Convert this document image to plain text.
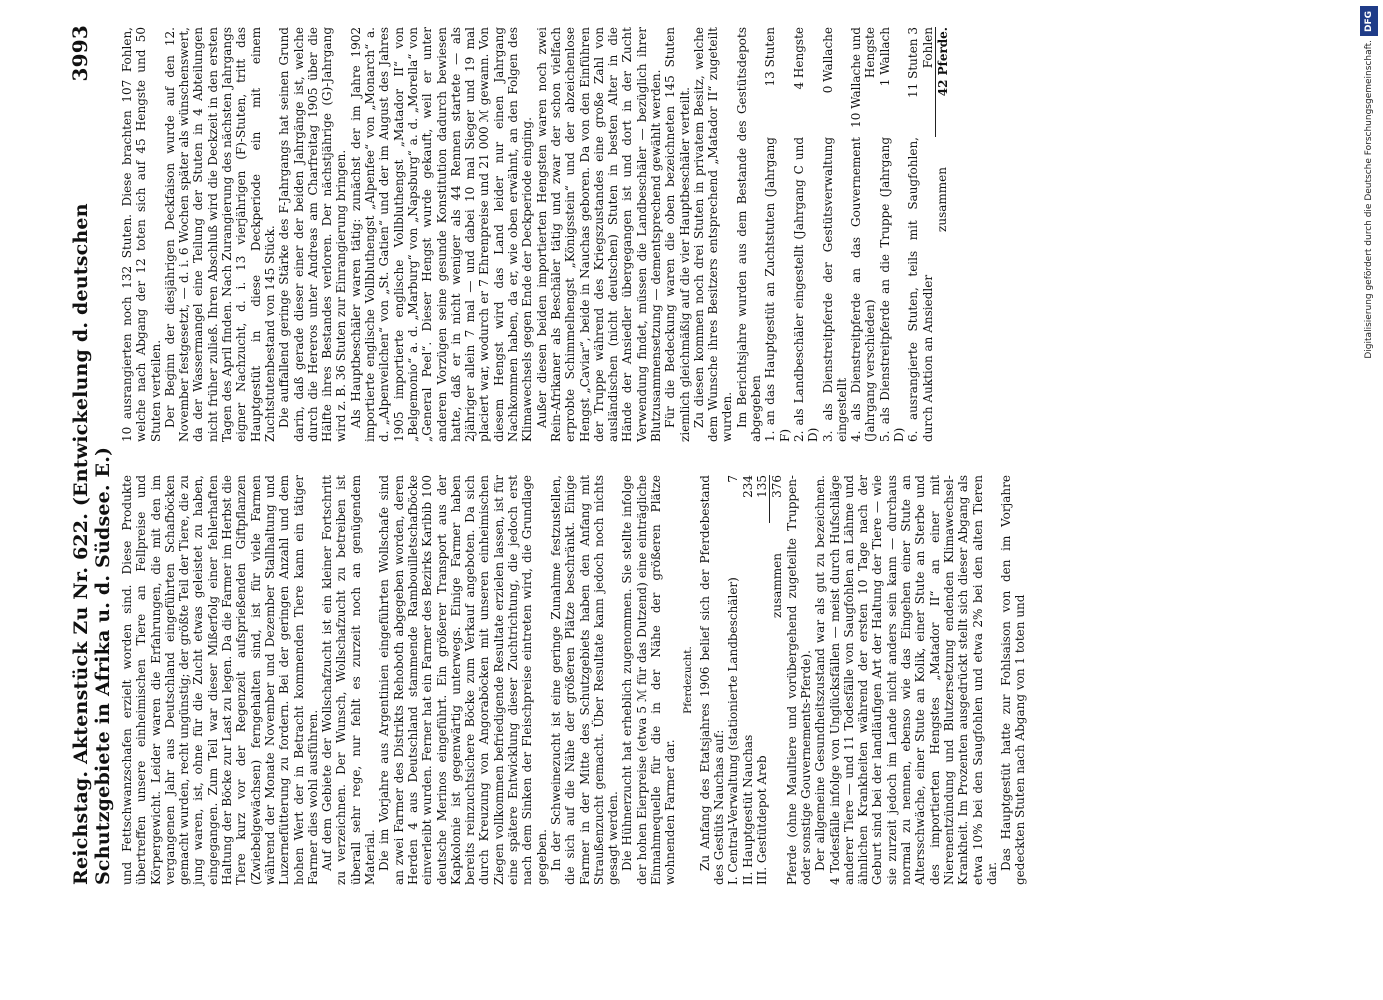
Reichstag. Aktenstück Zu Nr. 622. (Entwickelung d. deutschen Schutzgebiete in Afrika u. d. Südsee. E.)
3993

und Fettschwanzschafen erzielt worden sind. Diese Produkte übertreffen unsere einheimischen Tiere an Fellpreise und Körpergewicht. Leider waren die Erfahrungen, die mit den im vergangenen Jahr aus Deutschland eingeführten Schafböcken gemacht wurden, recht ungünstig; der größte Teil der Tiere, die zu jung waren, ist, ohne für die Zucht etwas geleistet zu haben, eingegangen. Zum Teil war dieser Mißerfolg einer fehlerhaften Haltung der Böcke zur Last zu legen. Da die Farmer im Herbst die Tiere kurz vor der Regenzeit aufsprießenden Giftpflanzen (Zwiebelgewächsen) ferngehalten sind, ist für viele Farmen während der Monate November und Dezember Stallhaltung und Luzernefütterung zu fordern. Bei der geringen Anzahl und dem hohen Wert der in Betracht kommenden Tiere kann ein tätiger Farmer dies wohl ausführen. Auf dem Gebiete der Wollschafzucht ist ein kleiner Fortschritt zu verzeichnen. Der Wunsch, Wollschafzucht zu betreiben ist überall sehr rege, nur fehlt es zurzeit noch an genügendem Material. Die im Vorjahre aus Argentinien eingeführten Wollschafe sind an zwei Farmer des Distrikts Rehoboth abgegeben worden, deren Herden 4 aus Deutschland stammende Rambouilletschafböcke einverleibt wurden. Ferner hat ein Farmer des Bezirks Karibib 100 deutsche Merinos eingeführt. Ein größerer Transport aus der Kapkolonie ist gegenwärtig unterwegs. Einige Farmer haben bereits reinzuchtsichere Böcke zum Verkauf angeboten. Da sich durch Kreuzung von Angoraböcken mit unseren einheimischen Ziegen vollkommen befriedigende Resultate erzielen lassen, ist für eine spätere Entwicklung dieser Zuchtrichtung, die jedoch erst nach dem Sinken der Fleischpreise eintreten wird, die Grundlage gegeben. In der Schweinezucht ist eine geringe Zunahme festzustellen, die sich auf die Nähe der größeren Plätze beschränkt. Einige Farmer in der Mitte des Schutzgebiets haben den Anfang mit Straußenzucht gemacht. Über Resultate kann jedoch noch nichts gesagt werden. Die Hühnerzucht hat erheblich zugenommen. Sie stellte infolge der hohen Eierpreise (etwa 5 ℳ für das Dutzend) eine einträgliche Einnahmequelle für die in der Nähe der größeren Plätze wohnenden Farmer dar.

Pferdezucht. Zu Anfang des Etatsjahres 1906 belief sich der Pferdebestand des Gestüts Nauchas auf: I. Central-Verwaltung (stationierte Landbeschäler)	7
II. Hauptgestüt Nauchas	234
III. Gestütdepot Areb	135
zusammen	376 Pferde (ohne Maultiere und vorübergehend zugeteilte Truppen- oder sonstige Gouvernements-Pferde). Der allgemeine Gesundheitszustand war als gut zu bezeichnen. 4 Todesfälle infolge von Unglücksfällen — meist durch Hufschläge anderer Tiere — und 11 Todesfälle von Saugfohlen an Lähme und ähnlichen Krankheiten während der ersten 10 Tage nach der Geburt sind bei der landläufigen Art der Haltung der Tiere — wie sie zurzeit jedoch im Lande nicht anders sein kann — durchaus normal zu nennen, ebenso wie das Eingehen einer Stute an Altersschwäche, einer Stute an Kolik, einer Stute an Sterbe und des importierten Hengstes „Matador II“ an einer mit Nierenentzündung und Blutzersetzung endenden Klimawechsel-Krankheit. Im Prozenten ausgedrückt stellt sich dieser Abgang als etwa 10% bei den Saugfohlen und etwa 2% bei den alten Tieren dar.

Das Hauptgestüt hatte zur Fohlsaison von den im Vorjahre gedeckten Stuten nach Abgang von 1 toten und

10 ausrangierten noch 132 Stuten. Diese brachten 107 Fohlen, welche nach Abgang der 12 toten sich auf 45 Hengste und 50 Stuten verteilen. Der Beginn der diesjährigen Deckfaison wurde auf den 12. November festgesetzt, — d. i. 6 Wochen später als wünschenswert, da der Wassermangel eine Teilung der Stuten in 4 Abteilungen nicht früher zuließ. Ihren Abschluß wird die Deckzeit in den ersten Tagen des April finden. Nach Zurangierung des nächsten Jahrgangs eigner Nachzucht, d. i. 13 vierjährigen (F)-Stuten, tritt das Hauptgestüt in diese Deckperiode ein mit einem Zuchtstutenbestand von 145 Stück. Die auffallend geringe Stärke des F-Jahrgangs hat seinen Grund darin, daß gerade dieser einer der beiden Jahrgänge ist, welche durch die Hereros unter Andreas am Charfreitag 1905 über die Hälfte ihres Bestandes verloren. Der nächstjährige (G)-Jahrgang wird z. B. 36 Stuten zur Einrangierung bringen. Als Hauptbeschäler waren tätig: zunächst der im Jahre 1902 importierte englische Vollbluthengst „Alpenfee“ von „Monarch“ a. d. „Alpenveilchen“ von „St. Gatien“ und der im August des Jahres 1905 importierte englische Vollbluthengst „Matador II“ von „Belgemonio“ a. d. „Marburg“ von „Napsburg“ a. d. „Morella“ von „General Peel“. Dieser Hengst wurde gekauft, weil er unter anderen Vorzügen seine gesunde Konstitution dadurch bewiesen hatte, daß er in nicht weniger als 44 Rennen startete — als 2jähriger allein 7 mal — und dabei 10 mal Sieger und 19 mal placiert war, wodurch er 7 Ehrenpreise und 21 000 ℳ gewann. Von diesem Hengst wird das Land leider nur einen Jahrgang Nachkommen haben, da er, wie oben erwähnt, an den Folgen des Klimawechsels gegen Ende der Deckperiode einging. Außer diesen beiden importierten Hengsten waren noch zwei Rein-Afrikaner als Beschäler tätig und zwar der schon vielfach erprobte Schimmelhengst „Königsstein“ und der abzeichenlose Hengst „Caviar“, beide in Nauchas geboren. Da von den Einführen der Truppe während des Kriegszustandes eine große Zahl von ausländischen (nicht deutschen) Stuten in besten Alter in die Hände der Ansiedler übergegangen ist und dort in der Zucht Verwendung findet, müssen die Landbeschäler — bezüglich ihrer Blutzusammensetzung — dementsprechend gewählt werden. Für die Bedeckung waren die oben bezeichneten 145 Stuten ziemlich gleichmäßig auf die vier Hauptbeschäler verteilt. Zu diesen kommen noch drei Stuten in privatem Besitz, welche dem Wunsche ihres Besitzers entsprechend „Matador II“ zugeteilt wurden. Im Berichtsjahre wurden aus dem Bestande des Gestütsdepots abgegeben 1. an das Hauptgestüt an Zuchtstuten (Jahrgang F)	13 Stuten
2. als Landbeschäler eingestellt (Jahrgang C und D)	4 Hengste
3. als Dienstreitpferde der Gestütsverwaltung eingestellt	0 Wallache
4. als Dienstreitpferde an das Gouvernement (Jahrgang verschieden)	10 Wallache und Hengste
5. als Dienstreitpferde an die Truppe (Jahrgang D)	1 Wallach
6. ausrangierte Stuten, teils mit Saugfohlen, durch Auktion an Ansiedler	11 Stuten 3 Fohlen
zusammen	42 Pferde.
DFG
Digitalisierung gefördert durch die Deutsche Forschungsgemeinschaft.
